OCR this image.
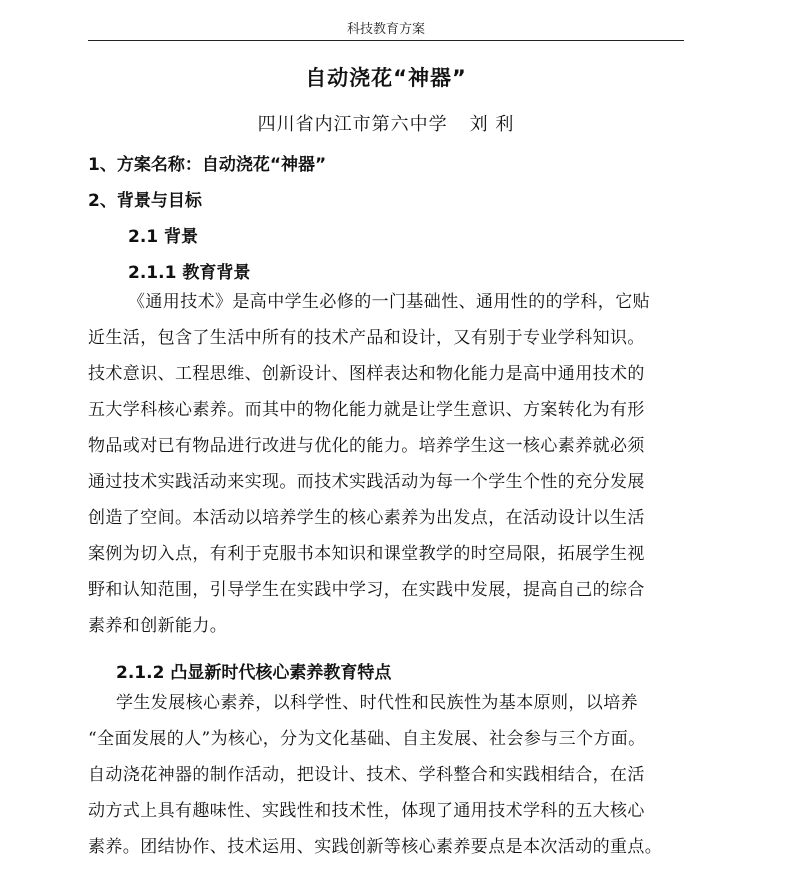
科技教育方案
自动浇花“神器”
四川省内江市第六中学 刘 利
1、方案名称：自动浇花“神器”
2、背景与目标
2.1 背景
2.1.1 教育背景
《通用技术》是高中学生必修的一门基础性、通用性的的学科，它贴
近生活，包含了生活中所有的技术产品和设计，又有别于专业学科知识。
技术意识、工程思维、创新设计、图样表达和物化能力是高中通用技术的
五大学科核心素养。而其中的物化能力就是让学生意识、方案转化为有形
物品或对已有物品进行改进与优化的能力。培养学生这一核心素养就必须
通过技术实践活动来实现。而技术实践活动为每一个学生个性的充分发展
创造了空间。本活动以培养学生的核心素养为出发点，在活动设计以生活
案例为切入点，有利于克服书本知识和课堂教学的时空局限，拓展学生视
野和认知范围，引导学生在实践中学习，在实践中发展，提高自己的综合
素养和创新能力。
2.1.2 凸显新时代核心素养教育特点
学生发展核心素养，以科学性、时代性和民族性为基本原则，以培养
“全面发展的人”为核心，分为文化基础、自主发展、社会参与三个方面。
自动浇花神器的制作活动，把设计、技术、学科整合和实践相结合，在活
动方式上具有趣味性、实践性和技术性，体现了通用技术学科的五大核心
素养。团结协作、技术运用、实践创新等核心素养要点是本次活动的重点。
